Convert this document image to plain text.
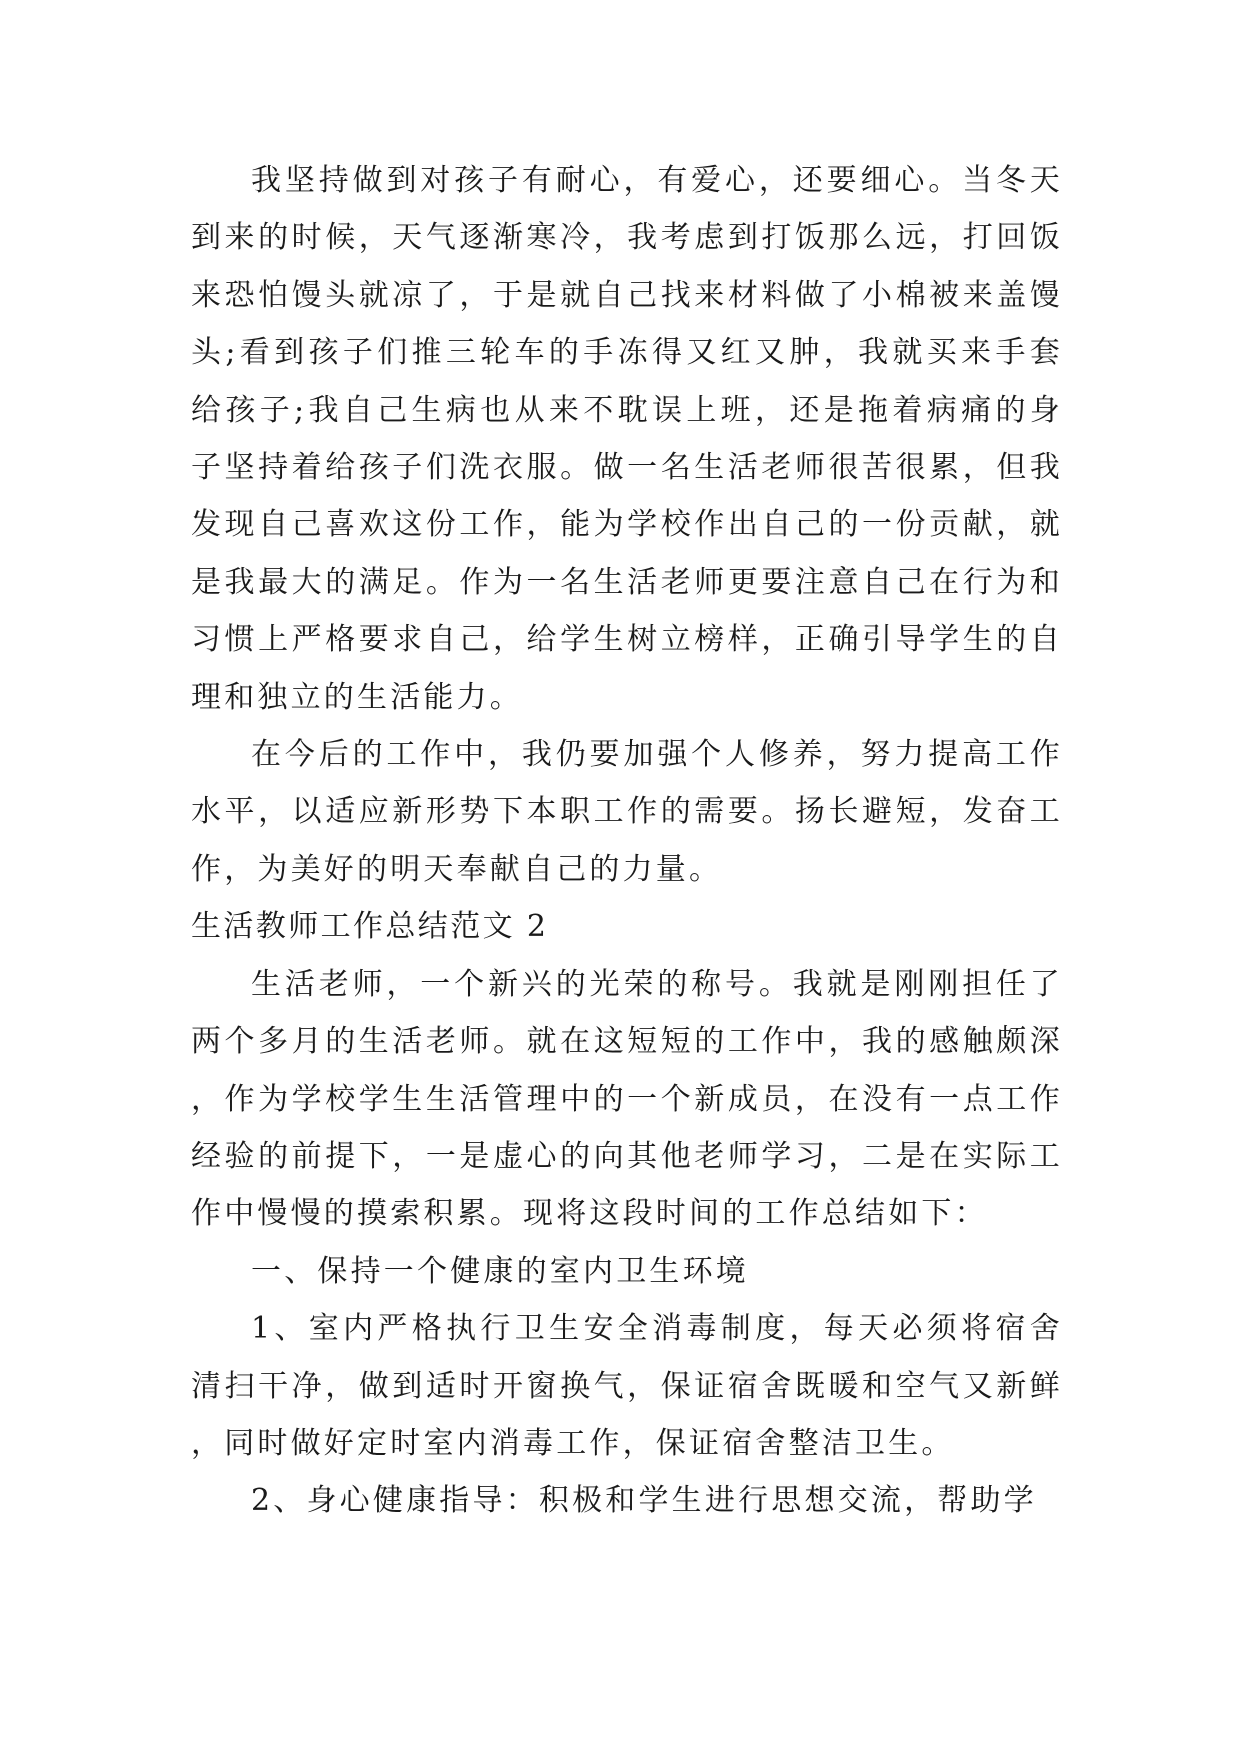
我坚持做到对孩子有耐心，有爱心，还要细心。当冬天到来的时候，天气逐渐寒冷，我考虑到打饭那么远，打回饭来恐怕馒头就凉了，于是就自己找来材料做了小棉被来盖馒头;看到孩子们推三轮车的手冻得又红又肿，我就买来手套给孩子;我自己生病也从来不耽误上班，还是拖着病痛的身子坚持着给孩子们洗衣服。做一名生活老师很苦很累，但我发现自己喜欢这份工作，能为学校作出自己的一份贡献，就是我最大的满足。作为一名生活老师更要注意自己在行为和习惯上严格要求自己，给学生树立榜样，正确引导学生的自理和独立的生活能力。

在今后的工作中，我仍要加强个人修养，努力提高工作水平，以适应新形势下本职工作的需要。扬长避短，发奋工作，为美好的明天奉献自己的力量。

生活教师工作总结范文 2

生活老师，一个新兴的光荣的称号。我就是刚刚担任了两个多月的生活老师。就在这短短的工作中，我的感触颇深，作为学校学生生活管理中的一个新成员，在没有一点工作经验的前提下，一是虚心的向其他老师学习，二是在实际工作中慢慢的摸索积累。现将这段时间的工作总结如下：

一、保持一个健康的室内卫生环境

1、室内严格执行卫生安全消毒制度，每天必须将宿舍清扫干净，做到适时开窗换气，保证宿舍既暖和空气又新鲜，同时做好定时室内消毒工作，保证宿舍整洁卫生。

2、身心健康指导：积极和学生进行思想交流，帮助学
